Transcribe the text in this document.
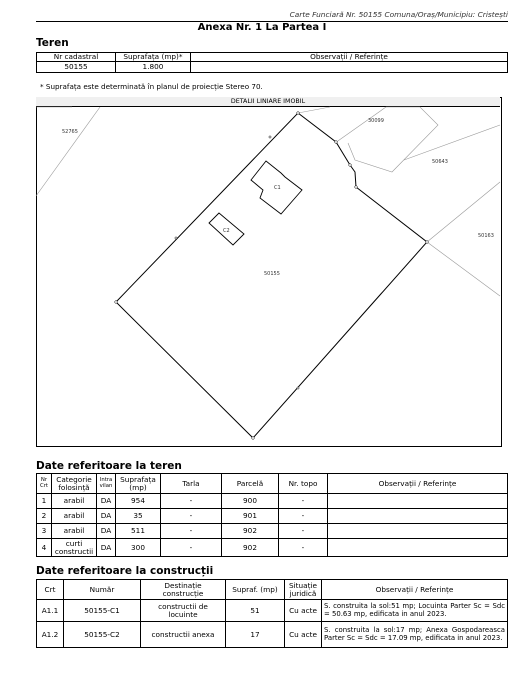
Carte Funciară Nr. 50155 Comuna/Oraș/Municipiu: Cristești
Anexa Nr. 1 La Partea I
Teren
Nr cadastral	Suprafața (mp)*	Observații / Referințe
50155	1.800	
* Suprafața este determinată în planul de proiecție Stereo 70.
DETALII LINIARE IMOBIL
50155
C1
C2
52765
30099
50643
50163
Date referitoare la teren
Nr Crt	Categorie folosință	Intra vilan	Suprafața (mp)	Tarla	Parcelă	Nr. topo	Observații / Referințe
1	arabil	DA	954	-	900	-	
2	arabil	DA	35	-	901	-	
3	arabil	DA	511	-	902	-	
4	curti constructii	DA	300	-	902	-	
Date referitoare la construcții
Crt	Număr	Destinație construcție	Supraf. (mp)	Situație juridică	Observații / Referințe
A1.1	50155-C1	constructii de locuinte	51	Cu acte	S. construita la sol:51 mp; Locuinta Parter Sc = Sdc = 50.63 mp, edificata in anul 2023.
A1.2	50155-C2	constructii anexa	17	Cu acte	S. construita la sol:17 mp; Anexa Gospodareasca Parter Sc = Sdc = 17.09 mp, edificata in anul 2023.
